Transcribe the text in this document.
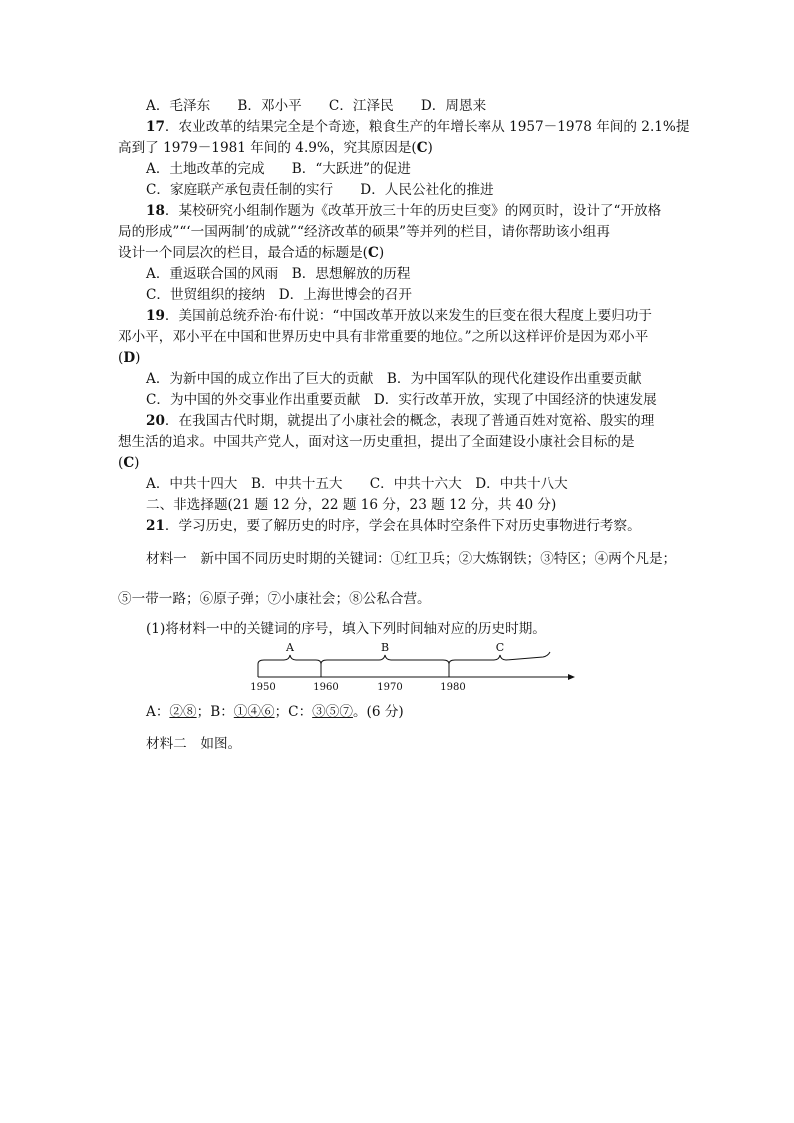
A．毛泽东　　B．邓小平　　C．江泽民　　D．周恩来
17．农业改革的结果完全是个奇迹，粮食生产的年增长率从 1957－1978 年间的 2.1%提
高到了 1979－1981 年间的 4.9%，究其原因是(C)
A．土地改革的完成　　B．“大跃进”的促进
C．家庭联产承包责任制的实行　　D．人民公社化的推进
18．某校研究小组制作题为《改革开放三十年的历史巨变》的网页时，设计了“开放格
局的形成”“‘一国两制’的成就”“经济改革的硕果”等并列的栏目，请你帮助该小组再
设计一个同层次的栏目，最合适的标题是(C)
A．重返联合国的风雨　B．思想解放的历程
C．世贸组织的接纳　D．上海世博会的召开
19．美国前总统乔治·布什说：“中国改革开放以来发生的巨变在很大程度上要归功于
邓小平，邓小平在中国和世界历史中具有非常重要的地位。”之所以这样评价是因为邓小平
(D)
A．为新中国的成立作出了巨大的贡献　B．为中国军队的现代化建设作出重要贡献
C．为中国的外交事业作出重要贡献　D．实行改革开放，实现了中国经济的快速发展
20．在我国古代时期，就提出了小康社会的概念，表现了普通百姓对宽裕、殷实的理
想生活的追求。中国共产党人，面对这一历史重担，提出了全面建设小康社会目标的是
(C)
A．中共十四大　B．中共十五大　　C．中共十六大　D．中共十八大
二、非选择题(21 题 12 分，22 题 16 分，23 题 12 分，共 40 分)
21．学习历史，要了解历史的时序，学会在具体时空条件下对历史事物进行考察。
材料一　新中国不同历史时期的关键词：①红卫兵；②大炼钢铁；③特区；④两个凡是；
⑤一带一路；⑥原子弹；⑦小康社会；⑧公私合营。
(1)将材料一中的关键词的序号，填入下列时间轴对应的历史时期。
A	B	C
1950	1960	1970	1980
A：②⑧；B：①④⑥；C：③⑤⑦。(6 分)
材料二　如图。
